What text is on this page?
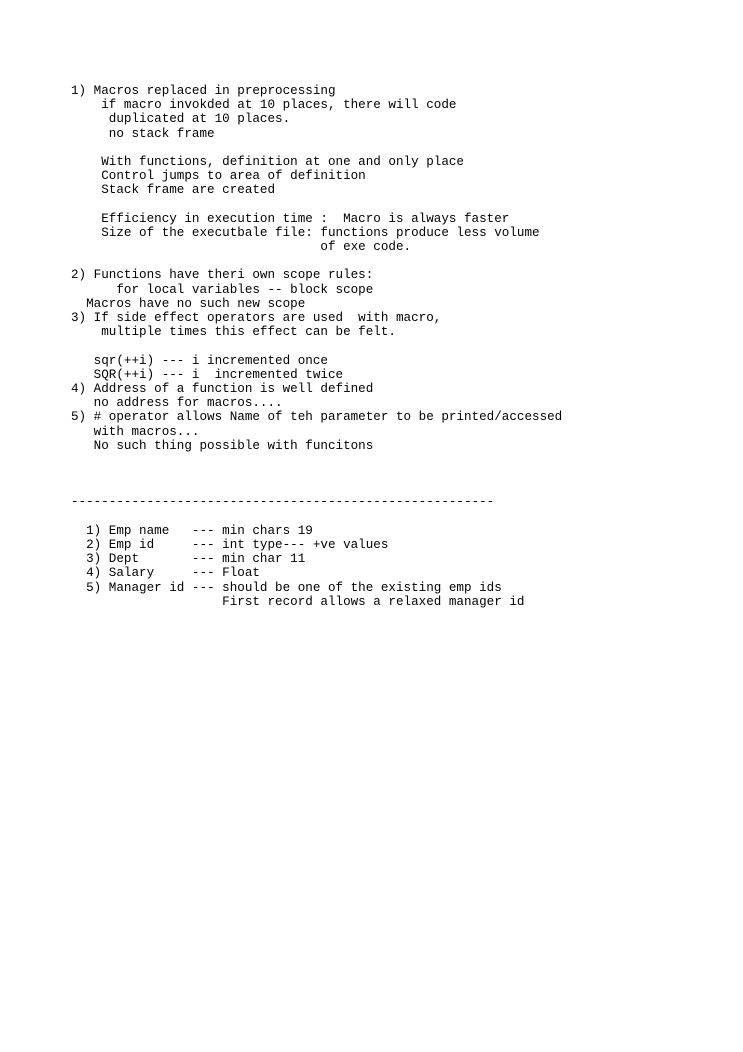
1) Macros replaced in preprocessing
if macro invokded at 10 places, there will code
duplicated at 10 places.
no stack frame

With functions, definition at one and only place
Control jumps to area of definition
Stack frame are created

Efficiency in execution time :  Macro is always faster
Size of the executbale file: functions produce less volume
of exe code.

2) Functions have theri own scope rules:
for local variables -- block scope
Macros have no such new scope
3) If side effect operators are used  with macro,
multiple times this effect can be felt.

sqr(++i) --- i incremented once
SQR(++i) --- i  incremented twice
4) Address of a function is well defined
no address for macros....
5) # operator allows Name of teh parameter to be printed/accessed
with macros...
No such thing possible with funcitons

--------------------------------------------------------

1) Emp name   --- min chars 19
2) Emp id     --- int type--- +ve values
3) Dept       --- min char 11
4) Salary     --- Float
5) Manager id --- should be one of the existing emp ids
First record allows a relaxed manager id
